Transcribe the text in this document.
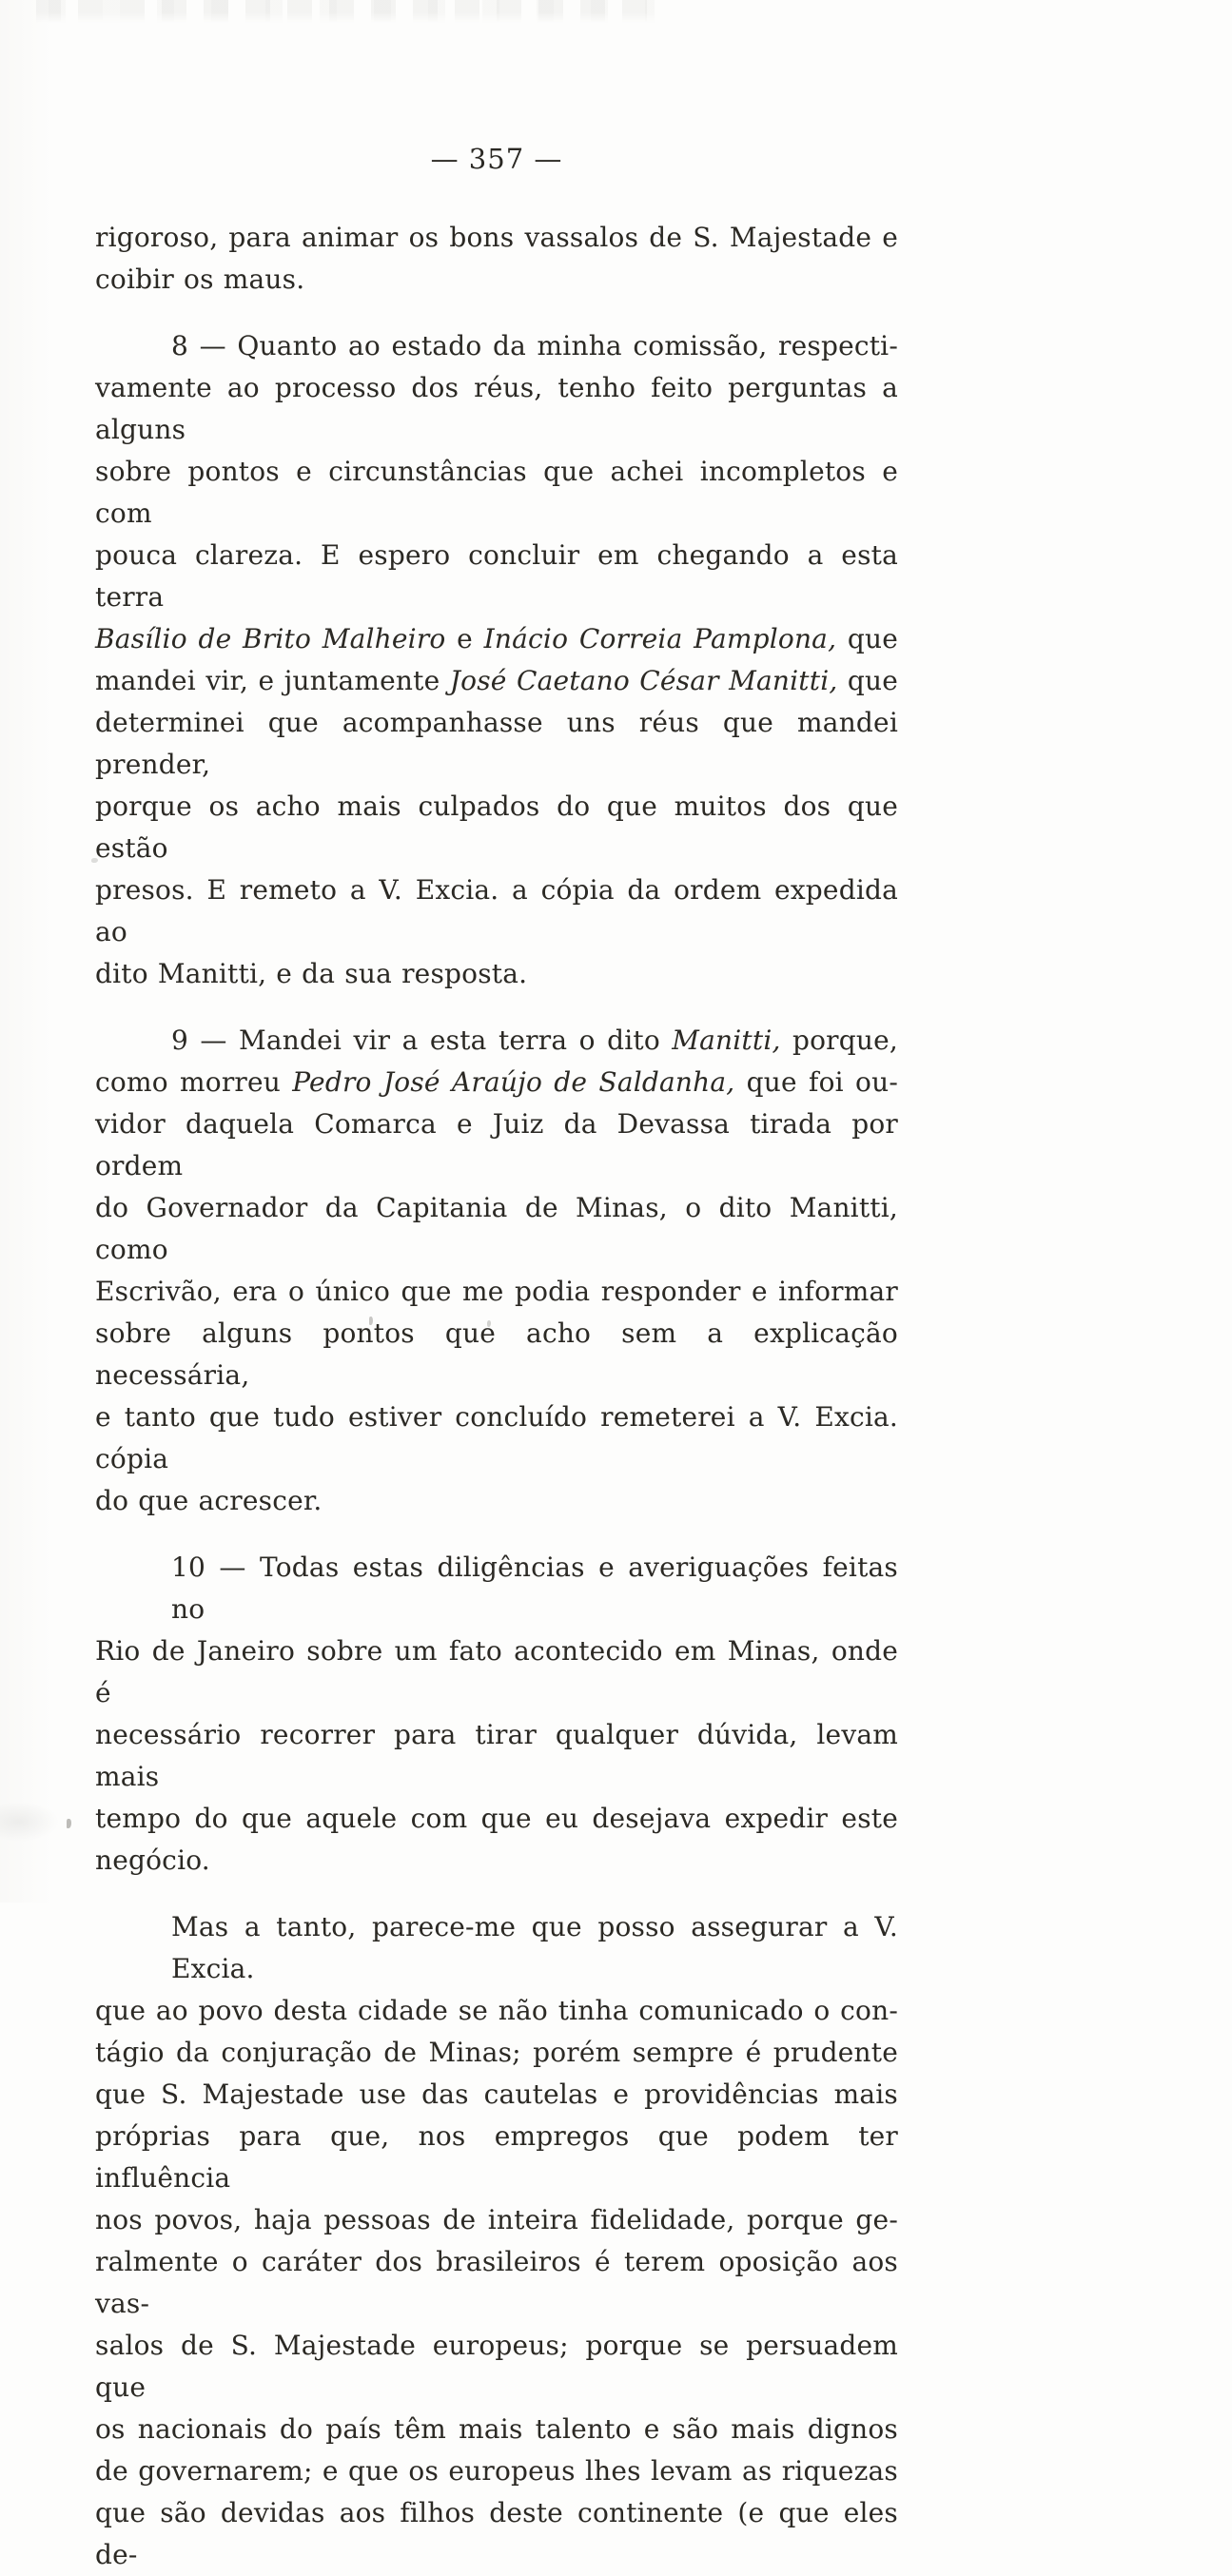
— 357 —
rigoroso, para animar os bons vassalos de S. Majestade e
coibir os maus.
8 — Quanto ao estado da minha comissão, respecti-
vamente ao processo dos réus, tenho feito perguntas a alguns
sobre pontos e circunstâncias que achei incompletos e com
pouca clareza. E espero concluir em chegando a esta terra
Basílio de Brito Malheiro e Inácio Correia Pamplona, que
mandei vir, e juntamente José Caetano César Manitti, que
determinei que acompanhasse uns réus que mandei prender,
porque os acho mais culpados do que muitos dos que estão
presos. E remeto a V. Excia. a cópia da ordem expedida ao
dito Manitti, e da sua resposta.
9 — Mandei vir a esta terra o dito Manitti, porque,
como morreu Pedro José Araújo de Saldanha, que foi ou-
vidor daquela Comarca e Juiz da Devassa tirada por ordem
do Governador da Capitania de Minas, o dito Manitti, como
Escrivão, era o único que me podia responder e informar
sobre alguns pontos que acho sem a explicação necessária,
e tanto que tudo estiver concluído remeterei a V. Excia. cópia
do que acrescer.
10 — Todas estas diligências e averiguações feitas no
Rio de Janeiro sobre um fato acontecido em Minas, onde é
necessário recorrer para tirar qualquer dúvida, levam mais
tempo do que aquele com que eu desejava expedir este
negócio.
Mas a tanto, parece-me que posso assegurar a V. Excia.
que ao povo desta cidade se não tinha comunicado o con-
tágio da conjuração de Minas; porém sempre é prudente
que S. Majestade use das cautelas e providências mais
próprias para que, nos empregos que podem ter influência
nos povos, haja pessoas de inteira fidelidade, porque ge-
ralmente o caráter dos brasileiros é terem oposição aos vas-
salos de S. Majestade europeus; porque se persuadem que
os nacionais do país têm mais talento e são mais dignos
de governarem; e que os europeus lhes levam as riquezas
que são devidas aos filhos deste continente (e que eles de-
